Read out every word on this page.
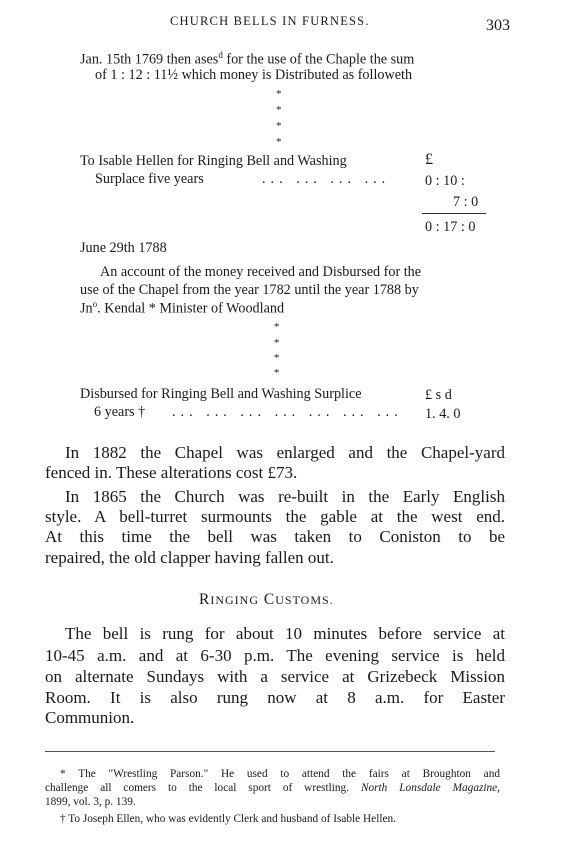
CHURCH BELLS IN FURNESS.	303
Jan. 15th 1769 then ases$^d$ for the use of the Chaple the sum
of 1 : 12 : 11½ which money is Distributed as followeth
*
*
*
*
To Isable Hellen for Ringing Bell and Washing	£
Surplace five years	... ... ... ... 0 : 10 :
7 : 0
0 : 17 : 0
June 29th 1788
An account of the money received and Disbursed for the
use of the Chapel from the year 1782 until the year 1788 by
Jn$^o$. Kendal * Minister of Woodland
*
*
*
*
Disbursed for Ringing Bell and Washing Surplice	£ s d
6 years † ... ... ... ... ... ... ... 1. 4. 0
In 1882 the Chapel was enlarged and the Chapel-yard
fenced in. These alterations cost £73.
In 1865 the Church was re-built in the Early English
style. A bell-turret surmounts the gable at the west end.
At this time the bell was taken to Coniston to be
repaired, the old clapper having fallen out.
RINGING CUSTOMS.
The bell is rung for about 10 minutes before service at
10-45 a.m. and at 6-30 p.m. The evening service is held
on alternate Sundays with a service at Grizebeck Mission
Room. It is also rung now at 8 a.m. for Easter
Communion.
* The "Wrestling Parson." He used to attend the fairs at Broughton and
challenge all comers to the local sport of wrestling. North Lonsdale Magazine,
1899, vol. 3, p. 139.
† To Joseph Ellen, who was evidently Clerk and husband of Isable Hellen.
